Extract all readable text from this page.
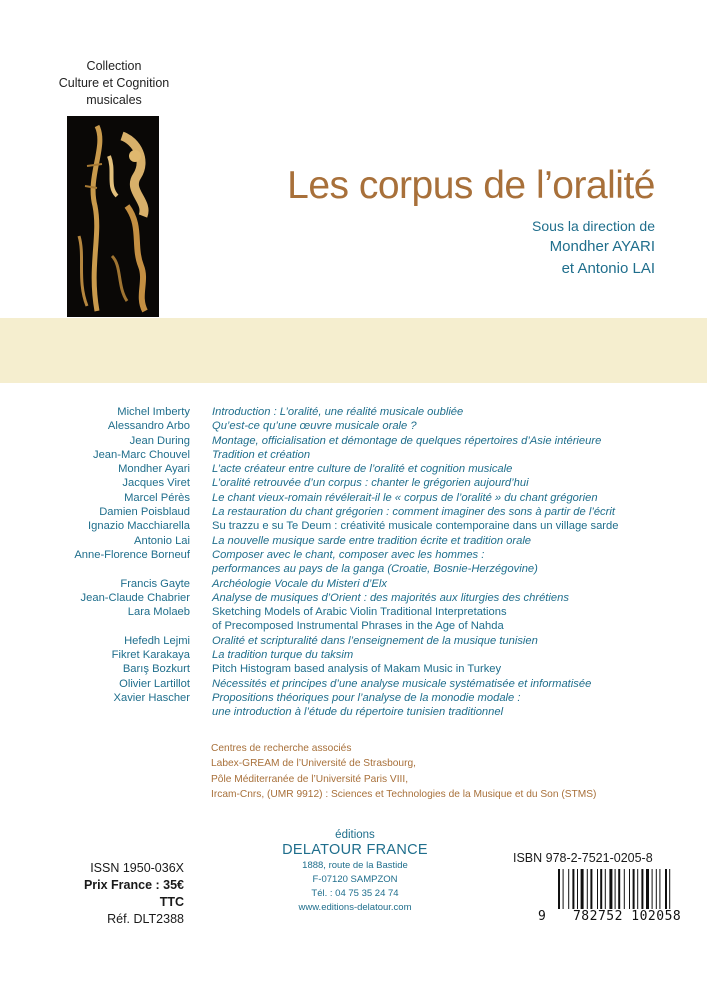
Collection
Culture et Cognition
musicales
Les corpus de l’oralité
Sous la direction de
Mondher AYARI
et Antonio LAI
Michel Imberty Introduction : L’oralité, une réalité musicale oubliée
Alessandro Arbo Qu’est-ce qu’une œuvre musicale orale ?
Jean During Montage, officialisation et démontage de quelques répertoires d’Asie intérieure
Jean-Marc Chouvel Tradition et création
Mondher Ayari L’acte créateur entre culture de l’oralité et cognition musicale
Jacques Viret L’oralité retrouvée d’un corpus : chanter le grégorien aujourd’hui
Marcel Pérès Le chant vieux-romain révélerait-il le « corpus de l’oralité » du chant grégorien
Damien Poisblaud La restauration du chant grégorien : comment imaginer des sons à partir de l’écrit
Ignazio Macchiarella Su trazzu e su Te Deum : créativité musicale contemporaine dans un village sarde
Antonio Lai La nouvelle musique sarde entre tradition écrite et tradition orale
Anne-Florence Borneuf Composer avec le chant, composer avec les hommes :
performances au pays de la ganga (Croatie, Bosnie-Herzégovine)
Francis Gayte Archéologie Vocale du Misteri d’Elx
Jean-Claude Chabrier Analyse de musiques d’Orient : des majorités aux liturgies des chrétiens
Lara Molaeb Sketching Models of Arabic Violin Traditional Interpretations
of Precomposed Instrumental Phrases in the Age of Nahda
Hefedh Lejmi Oralité et scripturalité dans l’enseignement de la musique tunisien
Fikret Karakaya La tradition turque du taksim
Barış Bozkurt Pitch Histogram based analysis of Makam Music in Turkey
Olivier Lartillot Nécessités et principes d’une analyse musicale systématisée et informatisée
Xavier Hascher Propositions théoriques pour l’analyse de la monodie modale :
une introduction à l’étude du répertoire tunisien traditionnel
Centres de recherche associés
Labex-GREAM de l’Université de Strasbourg,
Pôle Méditerranée de l’Université Paris VIII,
Ircam-Cnrs, (UMR 9912) : Sciences et Technologies de la Musique et du Son (STMS)
éditions
DELATOUR FRANCE
1888, route de la Bastide
F-07120 SAMPZON
Tél. : 04 75 35 24 74
www.editions-delatour.com
ISSN 1950-036X
Prix France : 35€ TTC
Réf. DLT2388
ISBN 978-2-7521-0205-8
9 782752 102058
